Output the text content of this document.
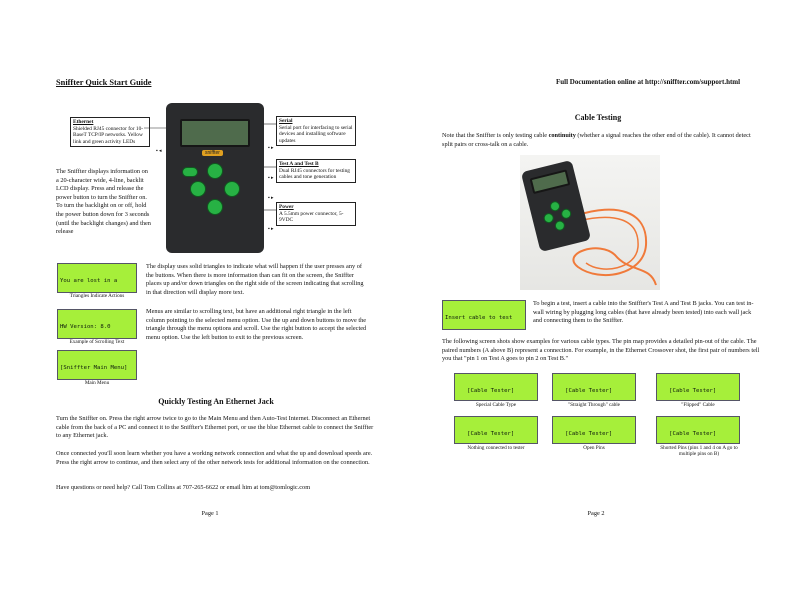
Sniffter Quick Start Guide
Ethernet
Shielded RJ45 connector for 10-BaseT TCP/IP networks. Yellow link and green activity LEDs
Serial
Serial port for interfacing to serial devices and installing software updates
Test A and Test B
Dual RJ45 connectors for testing cables and tone generation
Power
A 5.5mm power connector, 5-9VDC
sniffter
▪ ◂
▪ ▸
▪ ▸
▪ ▸
▪ ▸
The Sniffter displays information on a 20-character wide, 4-line, backlit LCD display. Press and release the power button to turn the Sniffter on. To turn the backlight on or off, hold the power button down for 3 seconds (until the backlight changes) and then release

You are lost in a

Triangles Indicate Actions
The display uses solid triangles to indicate what will happen if the user presses any of the buttons. When there is more information than can fit on the screen, the Sniffter places up and/or down triangles on the right side of the screen indicating that scrolling in that direction will display more text.

HW Version: 8.0

Example of Scrolling Text
Menus are similar to scrolling text, but have an additional right triangle in the left column pointing to the selected menu option. Use the up and down buttons to move the triangle through the menu options and scroll. Use the right button to accept the selected menu option. Use the left button to exit to the previous screen.

[Sniffter Main Menu]

Main Menu
Quickly Testing An Ethernet Jack
Turn the Sniffter on. Press the right arrow twice to go to the Main Menu and then Auto-Test Internet. Disconnect an Ethernet cable from the back of a PC and connect it to the Sniffter's Ethernet port, or use the blue Ethernet cable to connect the Sniffter to any Ethernet jack.
Once connected you'll soon learn whether you have a working network connection and what the up and download speeds are. Press the right arrow to continue, and then select any of the other network tests for additional information on the connection.
Have questions or need help? Call Tom Collins at 707-265-6622 or email him at tom@tomlogic.com
Page 1
Full Documentation online at http://sniffter.com/support.html
Cable Testing
Note that the Sniffter is only testing cable continuity (whether a signal reaches the other end of the cable). It cannot detect split pairs or cross-talk on a cable.

Insert cable to test

To begin a test, insert a cable into the Sniffter's Test A and Test B jacks. You can test in-wall wiring by plugging long cables (that have already been tested) into each wall jack and connecting them to the Sniffter.
The following screen shots show examples for various cable types. The pin map provides a detailed pin-out of the cable. The paired numbers (A above B) represent a connection. For example, in the Ethernet Crossover shot, the first pair of numbers tell you that "pin 1 on Test A goes to pin 2 on Test B."

[Cable Tester]

Special Cable Type

[Cable Tester]

"Straight Through" cable

[Cable Tester]

"Flipped" Cable

[Cable Tester]

Nothing connected to tester

[Cable Tester]

Open Pins

[Cable Tester]

Shorted Pins (pins 1 and 4 on A go to multiple pins on B)
Page 2
